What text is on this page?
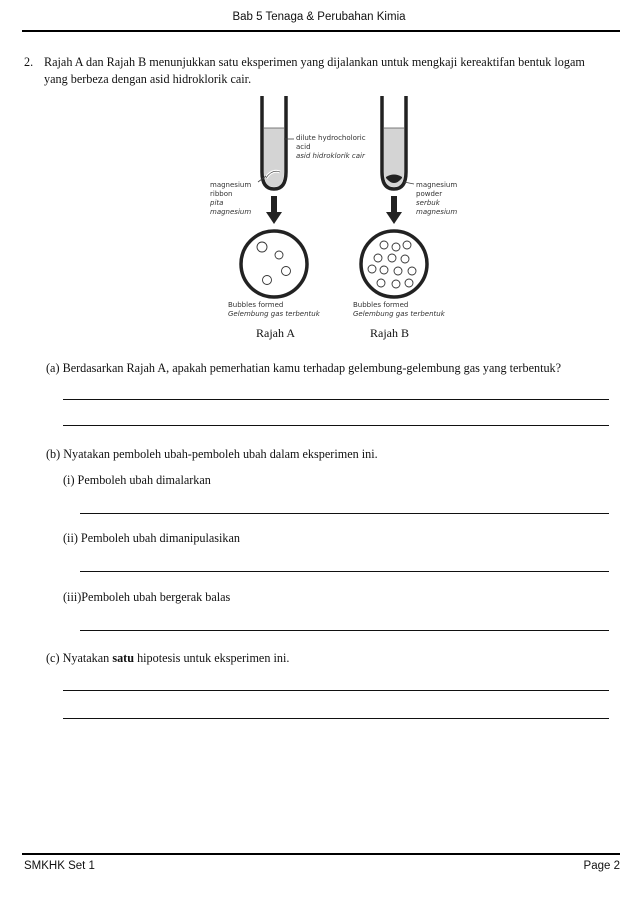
Bab 5 Tenaga & Perubahan Kimia
2. Rajah A dan Rajah B menunjukkan satu eksperimen yang dijalankan untuk mengkaji kereaktifan bentuk logam
yang berbeza dengan asid hidroklorik cair.
dilute hydrocholoric
acid
asid hidroklorik cair
magnesium
ribbon
pita
magnesium
magnesium
powder
serbuk
magnesium
Bubbles formed
Gelembung gas terbentuk
Bubbles formed
Gelembung gas terbentuk
Rajah A	Rajah B
(a) Berdasarkan Rajah A, apakah pemerhatian kamu terhadap gelembung-gelembung gas yang terbentuk?
(b) Nyatakan pemboleh ubah-pemboleh ubah dalam eksperimen ini.
(i) Pemboleh ubah dimalarkan
(ii) Pemboleh ubah dimanipulasikan
(iii)Pemboleh ubah bergerak balas
(c) Nyatakan satu hipotesis untuk eksperimen ini.
SMKHK Set 1	Page 2
